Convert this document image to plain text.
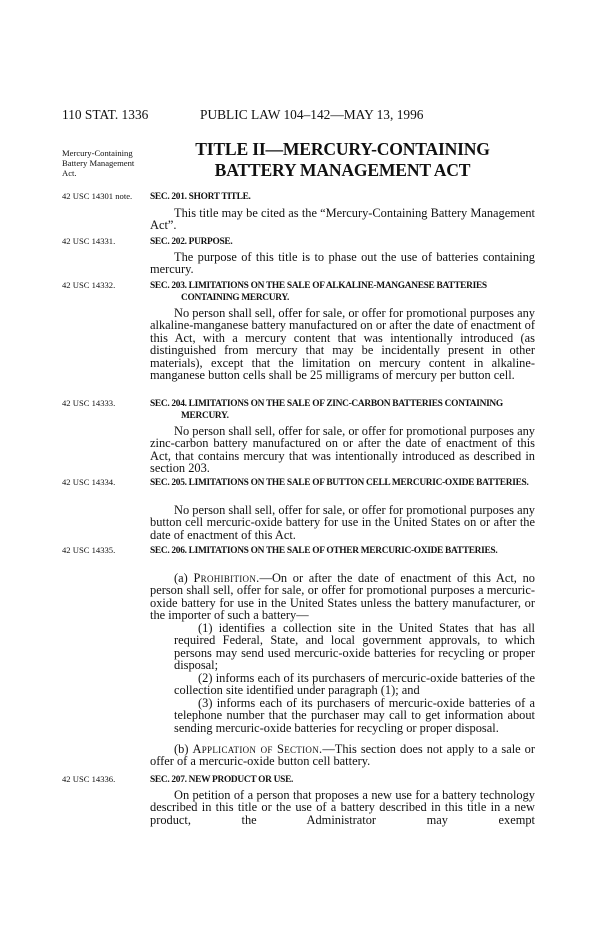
110 STAT. 1336	PUBLIC LAW 104–142—MAY 13, 1996
Mercury-Containing Battery Management Act.
TITLE II—MERCURY-CONTAINING
BATTERY MANAGEMENT ACT
42 USC 14301 note.	SEC. 201. SHORT TITLE.
This title may be cited as the “Mercury-Containing Battery Management Act”.
42 USC 14331.	SEC. 202. PURPOSE.
The purpose of this title is to phase out the use of batteries containing mercury.
42 USC 14332.	SEC. 203. LIMITATIONS ON THE SALE OF ALKALINE-MANGANESE BATTERIES CONTAINING MERCURY.
No person shall sell, offer for sale, or offer for promotional purposes any alkaline-manganese battery manufactured on or after the date of enactment of this Act, with a mercury content that was intentionally introduced (as distinguished from mercury that may be incidentally present in other materials), except that the limitation on mercury content in alkaline-manganese button cells shall be 25 milligrams of mercury per button cell.
42 USC 14333.	SEC. 204. LIMITATIONS ON THE SALE OF ZINC-CARBON BATTERIES CONTAINING MERCURY.
No person shall sell, offer for sale, or offer for promotional purposes any zinc-carbon battery manufactured on or after the date of enactment of this Act, that contains mercury that was intentionally introduced as described in section 203.
42 USC 14334.	SEC. 205. LIMITATIONS ON THE SALE OF BUTTON CELL MERCURIC-OXIDE BATTERIES.
No person shall sell, offer for sale, or offer for promotional purposes any button cell mercuric-oxide battery for use in the United States on or after the date of enactment of this Act.
42 USC 14335.	SEC. 206. LIMITATIONS ON THE SALE OF OTHER MERCURIC-OXIDE BATTERIES.
(a) Prohibition.—On or after the date of enactment of this Act, no person shall sell, offer for sale, or offer for promotional purposes a mercuric-oxide battery for use in the United States unless the battery manufacturer, or the importer of such a battery—
(1) identifies a collection site in the United States that has all required Federal, State, and local government approvals, to which persons may send used mercuric-oxide batteries for recycling or proper disposal;
(2) informs each of its purchasers of mercuric-oxide batteries of the collection site identified under paragraph (1); and
(3) informs each of its purchasers of mercuric-oxide batteries of a telephone number that the purchaser may call to get information about sending mercuric-oxide batteries for recycling or proper disposal.
(b) Application of Section.—This section does not apply to a sale or offer of a mercuric-oxide button cell battery.
42 USC 14336.	SEC. 207. NEW PRODUCT OR USE.
On petition of a person that proposes a new use for a battery technology described in this title or the use of a battery described in this title in a new product, the Administrator may exempt
